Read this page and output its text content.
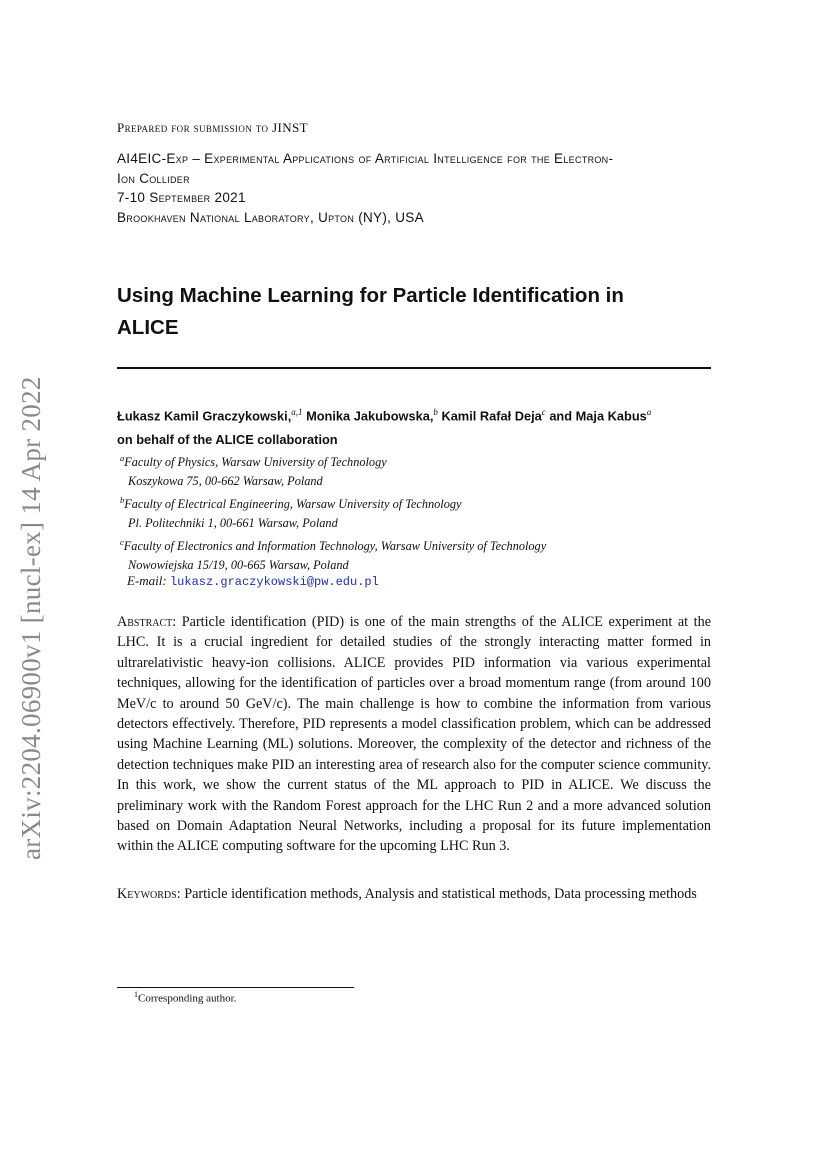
arXiv:2204.06900v1 [nucl-ex] 14 Apr 2022
Prepared for submission to JINST
AI4EIC-Exp – Experimental Applications of Artificial Intelligence for the Electron-
Ion Collider
7-10 September 2021
Brookhaven National Laboratory, Upton (NY), USA
Using Machine Learning for Particle Identification in
ALICE
Łukasz Kamil Graczykowski,$^{a,1}$ Monika Jakubowska,$^b$ Kamil Rafał Deja$^c$ and Maja Kabus$^a$
on behalf of the ALICE collaboration
$^a$Faculty of Physics, Warsaw University of Technology
Koszykowa 75, 00-662 Warsaw, Poland
$^b$Faculty of Electrical Engineering, Warsaw University of Technology
Pl. Politechniki 1, 00-661 Warsaw, Poland
$^c$Faculty of Electronics and Information Technology, Warsaw University of Technology
Nowowiejska 15/19, 00-665 Warsaw, Poland
E-mail: lukasz.graczykowski@pw.edu.pl
Abstract: Particle identification (PID) is one of the main strengths of the ALICE experiment at the LHC. It is a crucial ingredient for detailed studies of the strongly interacting matter formed in ultrarelativistic heavy-ion collisions. ALICE provides PID information via various experimental techniques, allowing for the identification of particles over a broad momentum range (from around 100 MeV/c to around 50 GeV/c). The main challenge is how to combine the information from various detectors effectively. Therefore, PID represents a model classification problem, which can be addressed using Machine Learning (ML) solutions. Moreover, the complexity of the detector and richness of the detection techniques make PID an interesting area of research also for the computer science community. In this work, we show the current status of the ML approach to PID in ALICE. We discuss the preliminary work with the Random Forest approach for the LHC Run 2 and a more advanced solution based on Domain Adaptation Neural Networks, including a proposal for its future implementation within the ALICE computing software for the upcoming LHC Run 3.
Keywords: Particle identification methods, Analysis and statistical methods, Data processing methods
$^1$Corresponding author.
